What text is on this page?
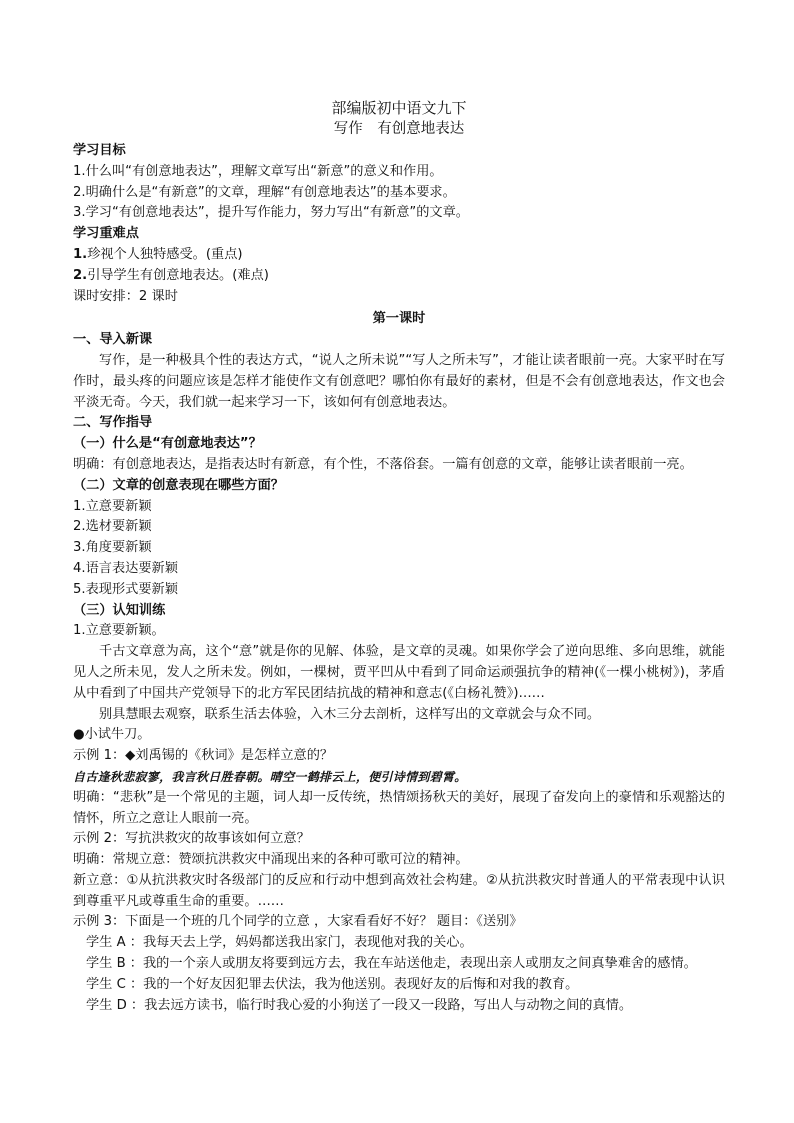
部编版初中语文九下
写作　有创意地表达
学习目标
1.什么叫“有创意地表达”，理解文章写出“新意”的意义和作用。
2.明确什么是“有新意”的文章，理解“有创意地表达”的基本要求。
3.学习“有创意地表达”，提升写作能力，努力写出“有新意”的文章。
学习重难点
1.珍视个人独特感受。(重点)
2.引导学生有创意地表达。(难点)
课时安排：2 课时
第一课时
一、导入新课

写作，是一种极具个性的表达方式，“说人之所未说”“写人之所未写”，才能让读者眼前一亮。大家平时在写作时，最头疼的问题应该是怎样才能使作文有创意吧？哪怕你有最好的素材，但是不会有创意地表达，作文也会平淡无奇。今天，我们就一起来学习一下，该如何有创意地表达。

二、写作指导
（一）什么是“有创意地表达”？
明确：有创意地表达，是指表达时有新意，有个性，不落俗套。一篇有创意的文章，能够让读者眼前一亮。
（二）文章的创意表现在哪些方面？
1.立意要新颖
2.选材要新颖
3.角度要新颖
4.语言表达要新颖
5.表现形式要新颖
（三）认知训练
1.立意要新颖。

千古文章意为高，这个“意”就是你的见解、体验，是文章的灵魂。如果你学会了逆向思维、多向思维，就能见人之所未见，发人之所未发。例如，一棵树，贾平凹从中看到了同命运顽强抗争的精神(《一棵小桃树》)，茅盾从中看到了中国共产党领导下的北方军民团结抗战的精神和意志(《白杨礼赞》)……

别具慧眼去观察，联系生活去体验，入木三分去剖析，这样写出的文章就会与众不同。

●小试牛刀。
示例 1：◆刘禹锡的《秋词》是怎样立意的？
自古逢秋悲寂寥，我言秋日胜春朝。晴空一鹤排云上，便引诗情到碧霄。

明确：“悲秋”是一个常见的主题，词人却一反传统，热情颂扬秋天的美好，展现了奋发向上的豪情和乐观豁达的情怀，所立之意让人眼前一亮。

示例 2：写抗洪救灾的故事该如何立意？
明确：常规立意：赞颂抗洪救灾中涌现出来的各种可歌可泣的精神。

新立意：①从抗洪救灾时各级部门的反应和行动中想到高效社会构建。②从抗洪救灾时普通人的平常表现中认识到尊重平凡或尊重生命的重要。……

示例 3：下面是一个班的几个同学的立意 ，大家看看好不好？ 题目：《送别》
学生 A ：我每天去上学，妈妈都送我出家门，表现他对我的关心。
学生 B ：我的一个亲人或朋友将要到远方去，我在车站送他走，表现出亲人或朋友之间真挚难舍的感情。
学生 C ：我的一个好友因犯罪去伏法，我为他送别。表现好友的后悔和对我的教育。
学生 D ：我去远方读书，临行时我心爱的小狗送了一段又一段路，写出人与动物之间的真情。
